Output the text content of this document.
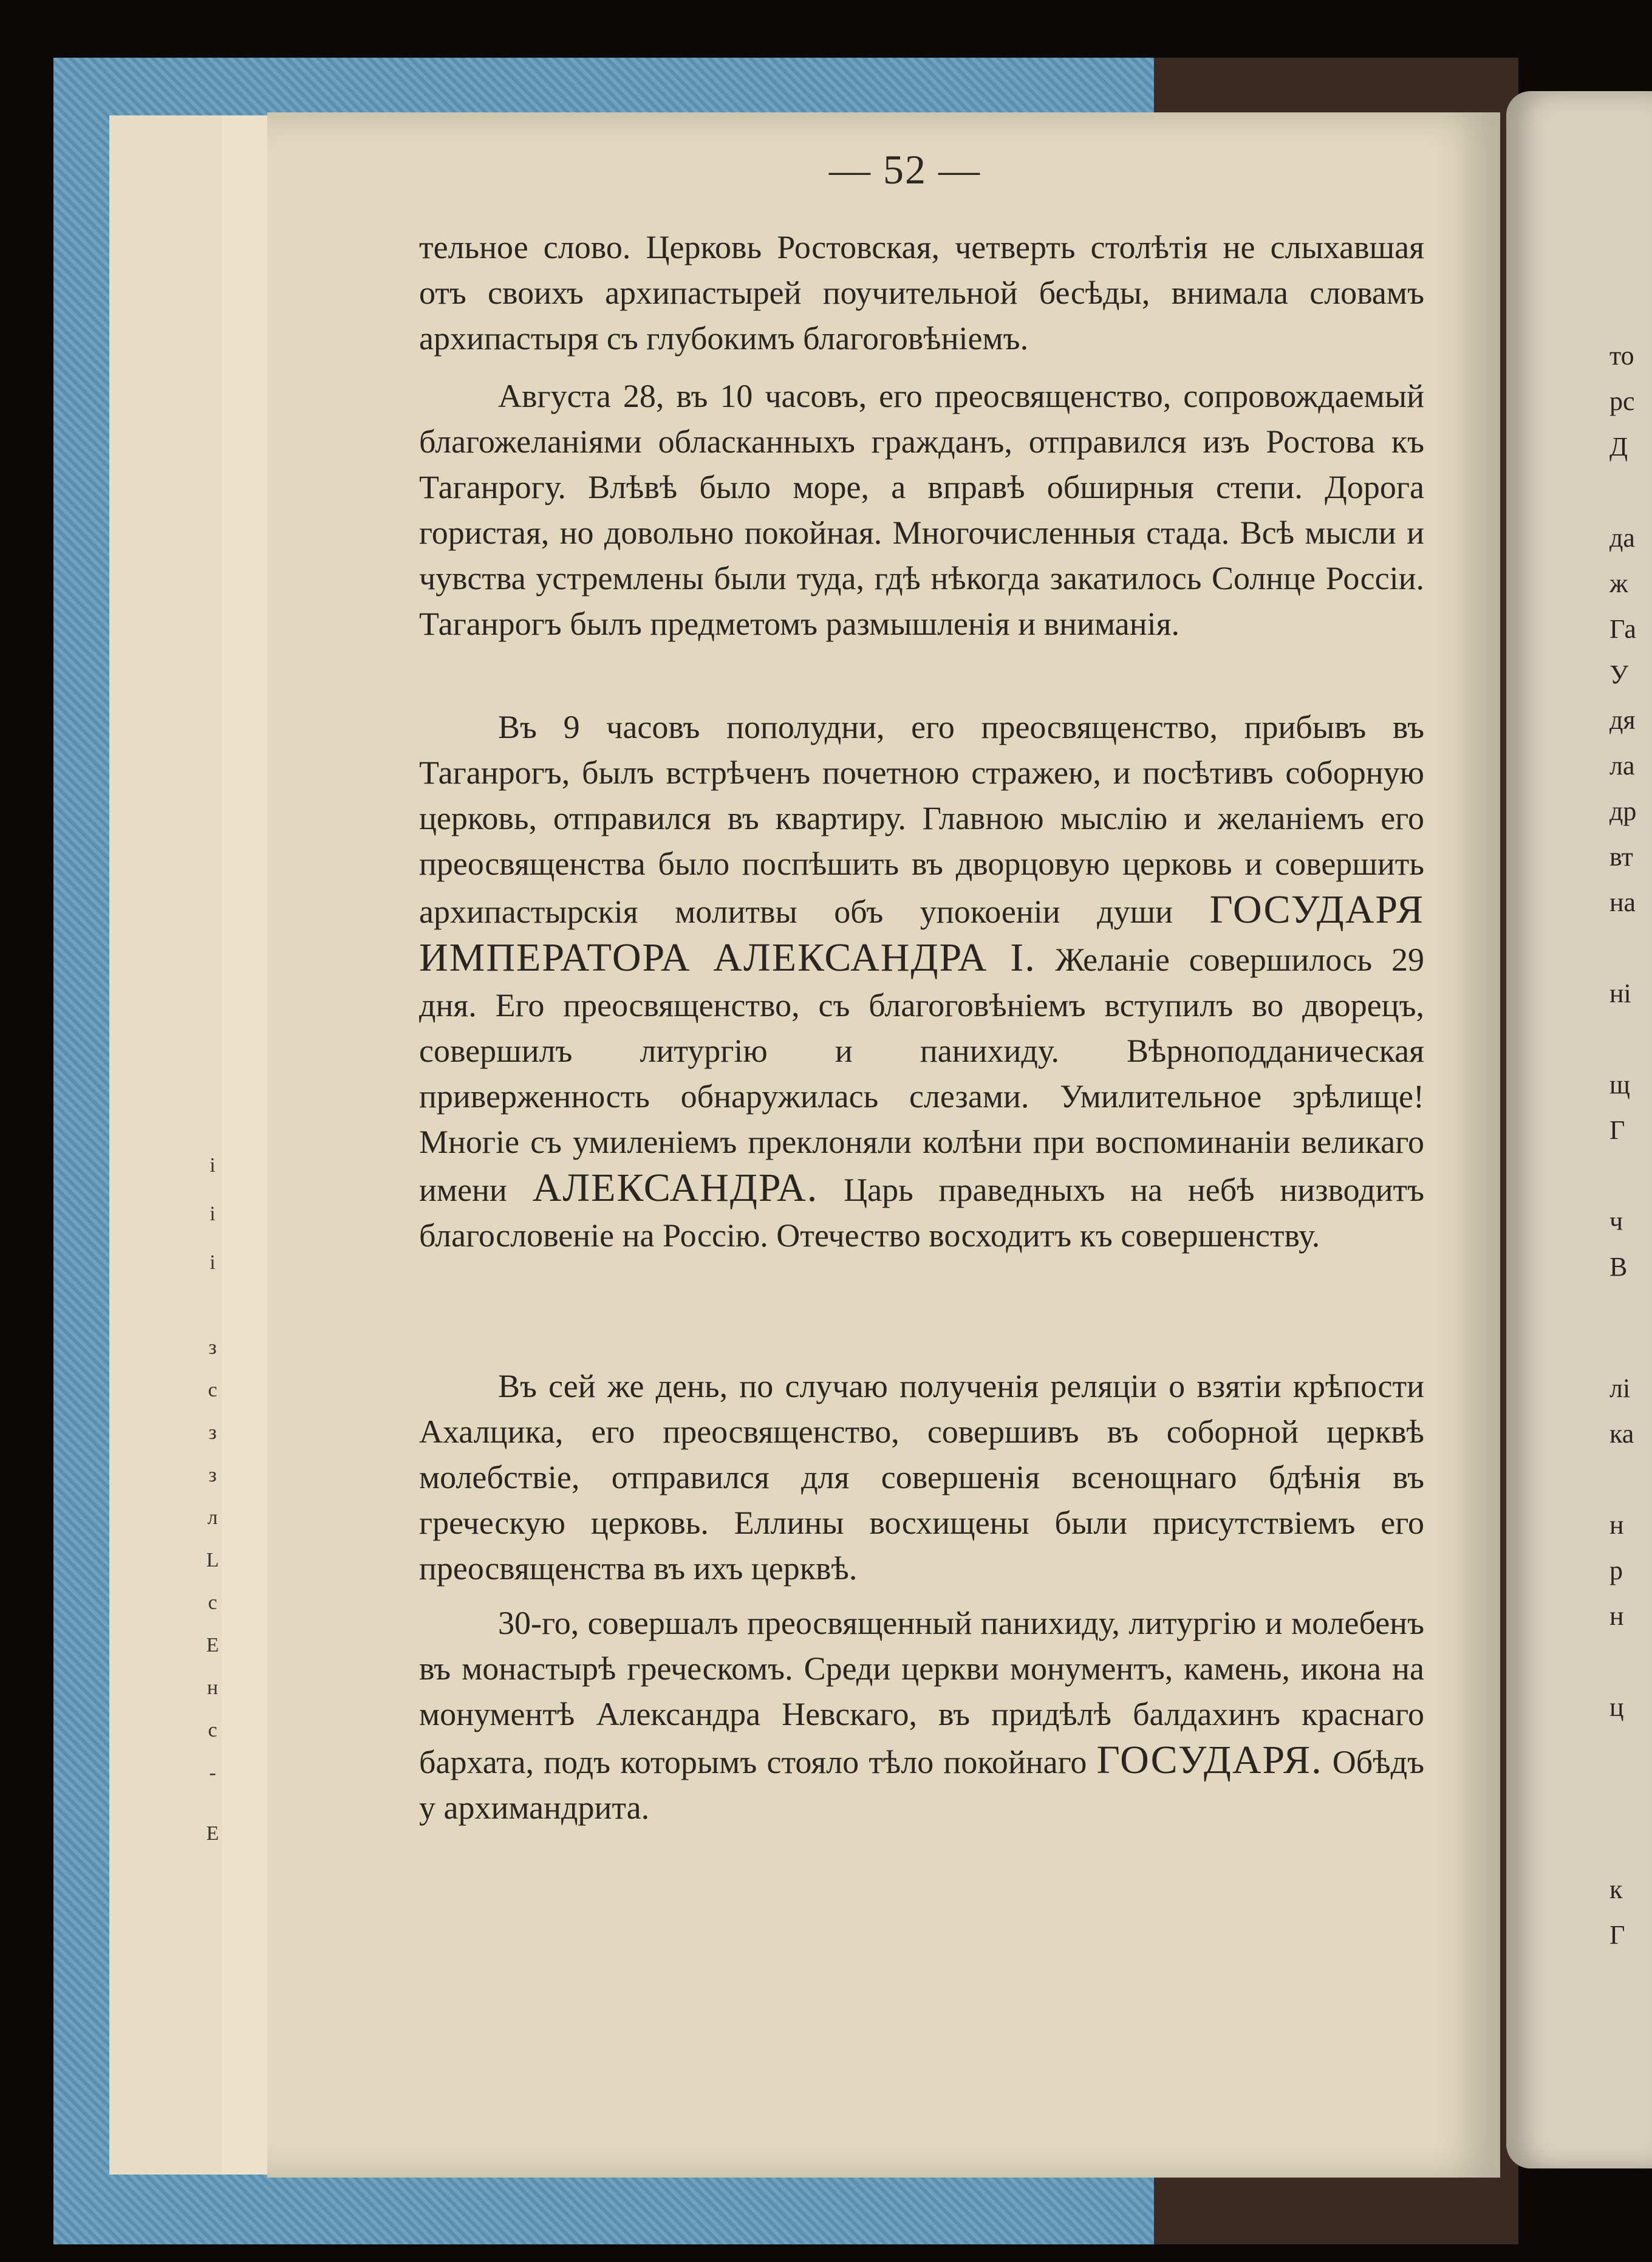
і
і
і
з
с
з
з
л
L
с
Е
н
с
-
Е
то
рс
Д
да
ж
Га
У
дя
ла
др
вт
на
ні
щ
Г
ч
В
лі
ка
н
р
н
ц
к
Г
— 52 —

тельное слово. Церковь Ростовская, четверть столѣтія не слыхавшая отъ своихъ архипастырей поучительной бесѣды, внимала словамъ архипастыря съ глубокимъ благоговѣніемъ.

Августа 28, въ 10 часовъ, его преосвященство, сопровождаемый благожеланіями обласканныхъ гражданъ, отправился изъ Ростова къ Таганрогу. Влѣвѣ было море, а вправѣ обширныя степи. Дорога гористая, но довольно покойная. Многочисленныя стада. Всѣ мысли и чувства устремлены были туда, гдѣ нѣкогда закатилось Солнце Россіи. Таганрогъ былъ предметомъ размышленія и вниманія.

Въ 9 часовъ пополудни, его преосвященство, прибывъ въ Таганрогъ, былъ встрѣченъ почетною стражею, и посѣтивъ соборную церковь, отправился въ квартиру. Главною мыслію и желаніемъ его преосвященства было поспѣшить въ дворцовую церковь и совершить архипастырскія молитвы объ упокоеніи души ГОСУДАРЯ ИМПЕРАТОРА АЛЕКСАНДРА I. Желаніе совершилось 29 дня. Его преосвященство, съ благоговѣніемъ вступилъ во дворецъ, совершилъ литургію и панихиду. Вѣрноподданическая приверженность обнаружилась слезами. Умилительное зрѣлище! Многіе съ умиленіемъ преклоняли колѣни при воспоминаніи великаго имени АЛЕКСАНДРА. Царь праведныхъ на небѣ низводитъ благословеніе на Россію. Отечество восходитъ къ совершенству.

Въ сей же день, по случаю полученія реляціи о взятіи крѣпости Ахалцика, его преосвященство, совершивъ въ соборной церквѣ молебствіе, отправился для совершенія всенощнаго бдѣнія въ греческую церковь. Еллины восхищены были присутствіемъ его преосвященства въ ихъ церквѣ.

30-го, совершалъ преосвященный панихиду, литургію и молебенъ въ монастырѣ греческомъ. Среди церкви монументъ, камень, икона на монументѣ Александра Невскаго, въ придѣлѣ балдахинъ краснаго бархата, подъ которымъ стояло тѣло покойнаго ГОСУДАРЯ. Обѣдъ у архимандрита.
